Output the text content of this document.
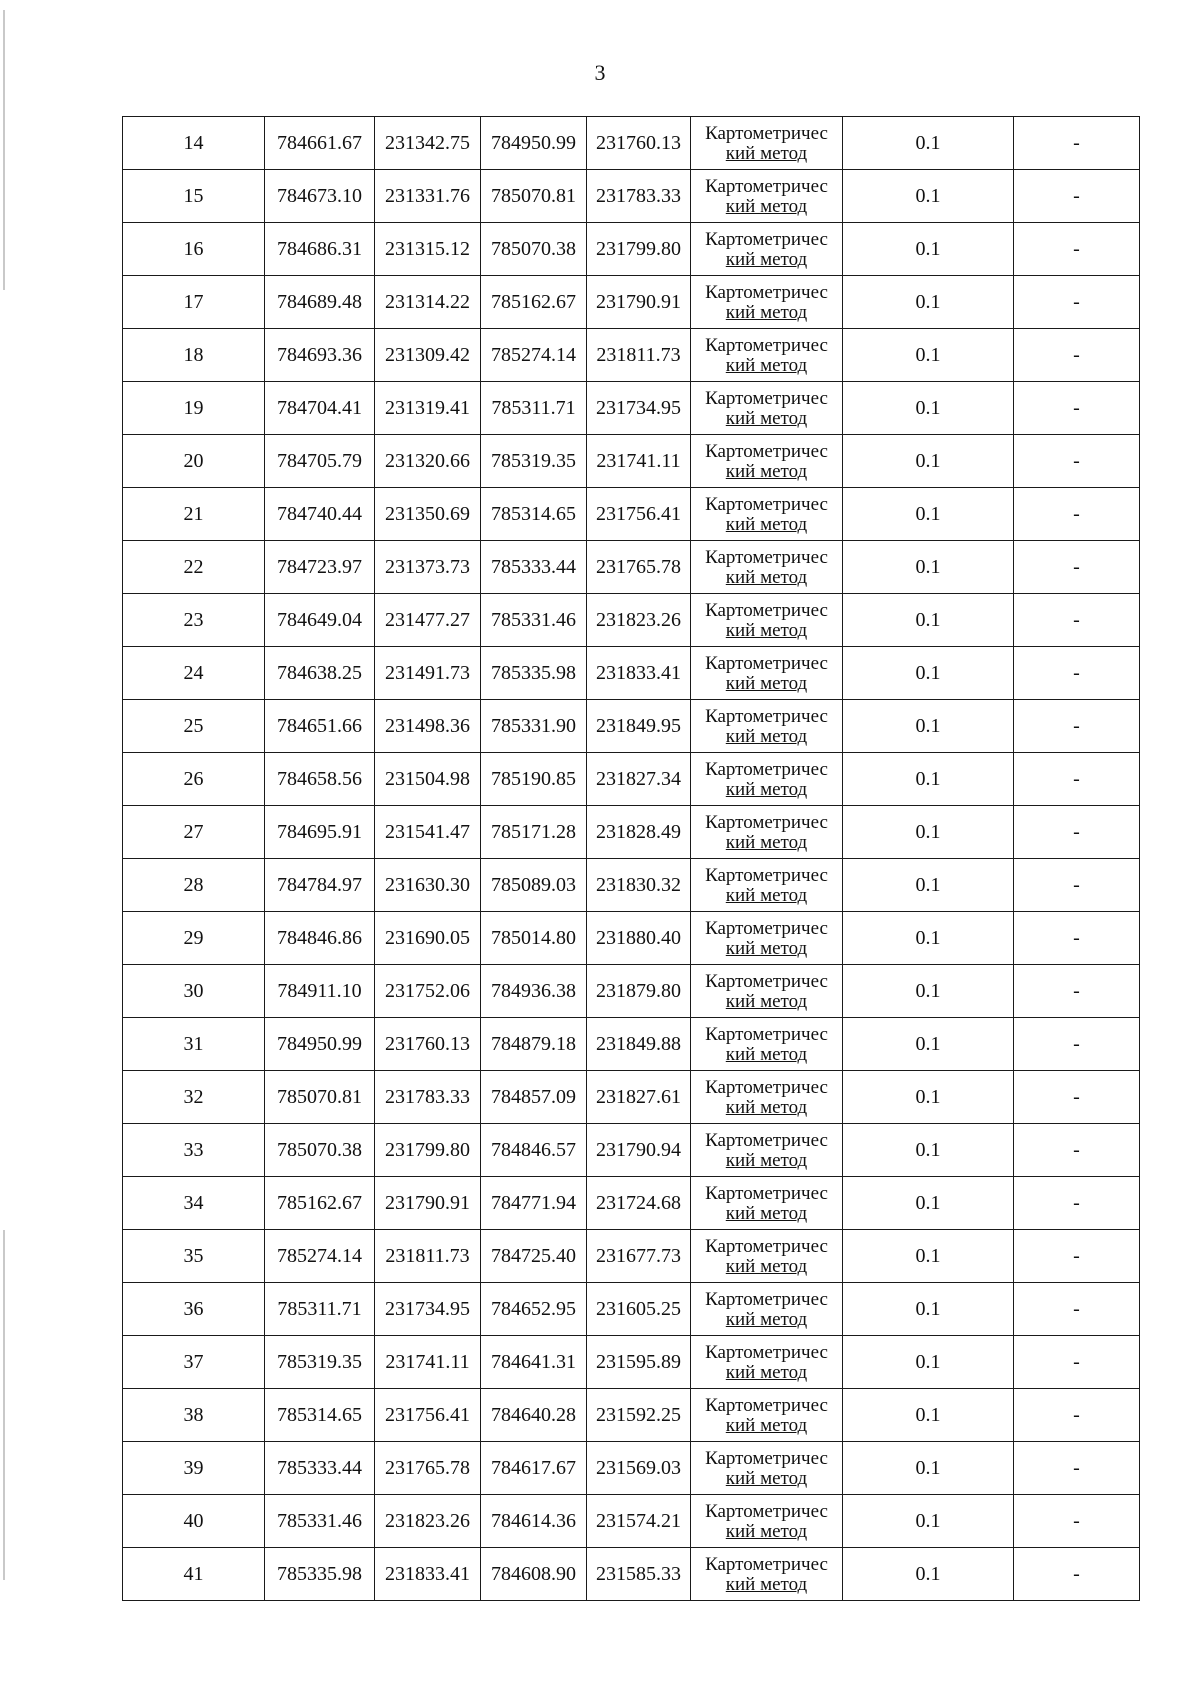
3
14	784661.67	231342.75	784950.99	231760.13	Картометричес
кий метод	0.1	-
15	784673.10	231331.76	785070.81	231783.33	Картометричес
кий метод	0.1	-
16	784686.31	231315.12	785070.38	231799.80	Картометричес
кий метод	0.1	-
17	784689.48	231314.22	785162.67	231790.91	Картометричес
кий метод	0.1	-
18	784693.36	231309.42	785274.14	231811.73	Картометричес
кий метод	0.1	-
19	784704.41	231319.41	785311.71	231734.95	Картометричес
кий метод	0.1	-
20	784705.79	231320.66	785319.35	231741.11	Картометричес
кий метод	0.1	-
21	784740.44	231350.69	785314.65	231756.41	Картометричес
кий метод	0.1	-
22	784723.97	231373.73	785333.44	231765.78	Картометричес
кий метод	0.1	-
23	784649.04	231477.27	785331.46	231823.26	Картометричес
кий метод	0.1	-
24	784638.25	231491.73	785335.98	231833.41	Картометричес
кий метод	0.1	-
25	784651.66	231498.36	785331.90	231849.95	Картометричес
кий метод	0.1	-
26	784658.56	231504.98	785190.85	231827.34	Картометричес
кий метод	0.1	-
27	784695.91	231541.47	785171.28	231828.49	Картометричес
кий метод	0.1	-
28	784784.97	231630.30	785089.03	231830.32	Картометричес
кий метод	0.1	-
29	784846.86	231690.05	785014.80	231880.40	Картометричес
кий метод	0.1	-
30	784911.10	231752.06	784936.38	231879.80	Картометричес
кий метод	0.1	-
31	784950.99	231760.13	784879.18	231849.88	Картометричес
кий метод	0.1	-
32	785070.81	231783.33	784857.09	231827.61	Картометричес
кий метод	0.1	-
33	785070.38	231799.80	784846.57	231790.94	Картометричес
кий метод	0.1	-
34	785162.67	231790.91	784771.94	231724.68	Картометричес
кий метод	0.1	-
35	785274.14	231811.73	784725.40	231677.73	Картометричес
кий метод	0.1	-
36	785311.71	231734.95	784652.95	231605.25	Картометричес
кий метод	0.1	-
37	785319.35	231741.11	784641.31	231595.89	Картометричес
кий метод	0.1	-
38	785314.65	231756.41	784640.28	231592.25	Картометричес
кий метод	0.1	-
39	785333.44	231765.78	784617.67	231569.03	Картометричес
кий метод	0.1	-
40	785331.46	231823.26	784614.36	231574.21	Картометричес
кий метод	0.1	-
41	785335.98	231833.41	784608.90	231585.33	Картометричес
кий метод	0.1	-
